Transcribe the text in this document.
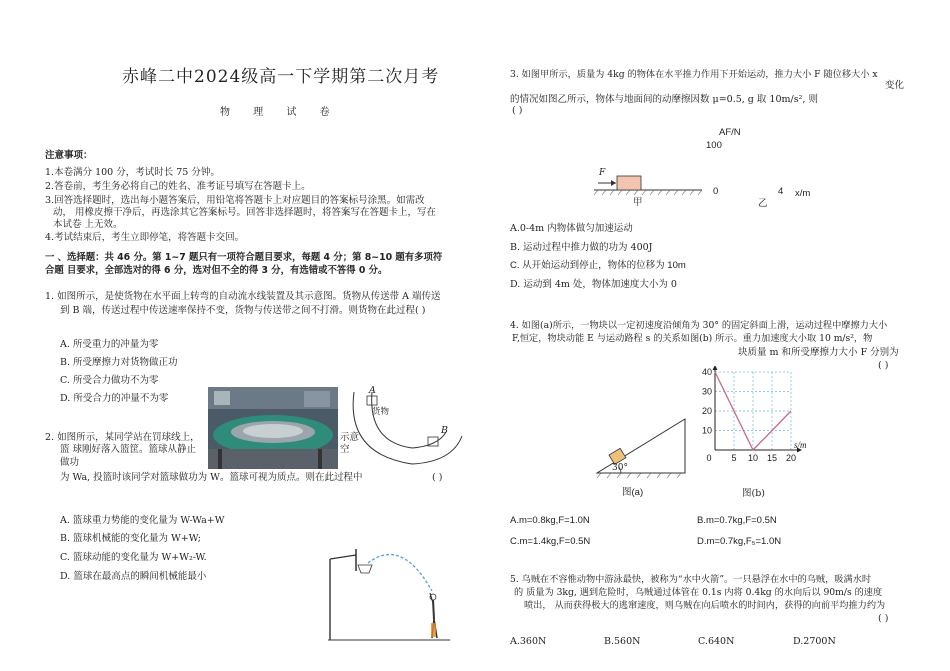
赤峰二中2024级高一下学期第二次月考
物 理 试 卷
注意事项：
1.本卷满分 100 分，考试时长 75 分钟。
2.答卷前，考生务必将自己的姓名、准考证号填写在答题卡上。
3.回答选择题时，选出每小题答案后，用铅笔将答题卡上对应题目的答案标号涂黑。如需改
动， 用橡皮擦干净后，再选涂其它答案标号。回答非选择题时，将答案写在答题卡上，写在
本试卷 上无效。
4.考试结束后，考生立即停笔，将答题卡交回。
一 、选择题：共 46 分。第 1~7 题只有一项符合题目要求，每题 4 分；第 8~10 题有多项符
合题 目要求，全部选对的得 6 分，选对但不全的得 3 分，有选错或不答得 0 分。
1. 如图所示，是使货物在水平面上转弯的自动流水线装置及其示意图。货物从传送带 A 端传送
到 B 端，传送过程中传送速率保持不变，货物与传送带之间不打滑。则货物在此过程( )
A. 所受重力的冲量为零
B. 所受摩擦力对货物做正功
C. 所受合力做功不为零
D. 所受合力的冲量不为零
A
货物
B
2. 如图所示，某同学站在罚球线上，	示意
篮 球刚好落入篮筐。篮球从静止	空
做功
为 Wa, 投篮时该同学对篮球做功为 W。篮球可视为质点。则在此过程中	( )
A. 篮球重力势能的变化量为 W-Wa+W
B. 篮球机械能的变化量为 W+W;
C. 篮球动能的变化量为 W+W₂-W.
D. 篮球在最高点的瞬间机械能最小
3. 如图甲所示，质量为 4kg 的物体在水平推力作用下开始运动，推力大小 F 随位移大小 x
变化
的情况如图乙所示，物体与地面间的动摩擦因数 μ=0.5, g 取 10m/s², 则
( )
AF/N
100
0	4 x/m
乙
F
甲
A.0-4m 内物体做匀加速运动
B. 运动过程中推力做的功为 400J
C. 从开始运动到停止，物体的位移为 10m
D. 运动到 4m 处，物体加速度大小为 0
4. 如图(a)所示，一物块以一定初速度沿倾角为 30° 的固定斜面上滑，运动过程中摩擦力大小
F,恒定，物块动能 E 与运动路程 s 的关系如图(b) 所示。重力加速度大小取 10 m/s²，物
块质量 m 和所受摩擦力大小 F 分别为
( )
30°
图(a)
0 5 10 15 20
10
20
30
40
s/m
图(b)
A.m=0.8kg,F=1.0N	B.m=0.7kg,F=0.5N
C.m=1.4kg,F=0.5N	D.m=0.7kg,F₅=1.0N
5. 乌贼在不容惟动物中游泳最快，被称为“水中火箭”。一只悬浮在水中的乌贼，吸满水时
的 质量为 3kg, 遇到危险时，乌贼通过体管在 0.1s 内将 0.4kg 的水向后以 90m/s 的速度
喷出， 从而获得极大的逃窜速度，则乌贼在向后喷水的时间内，获得的向前平均推力约为
( )
A.360N	B.560N	C.640N	D.2700N
